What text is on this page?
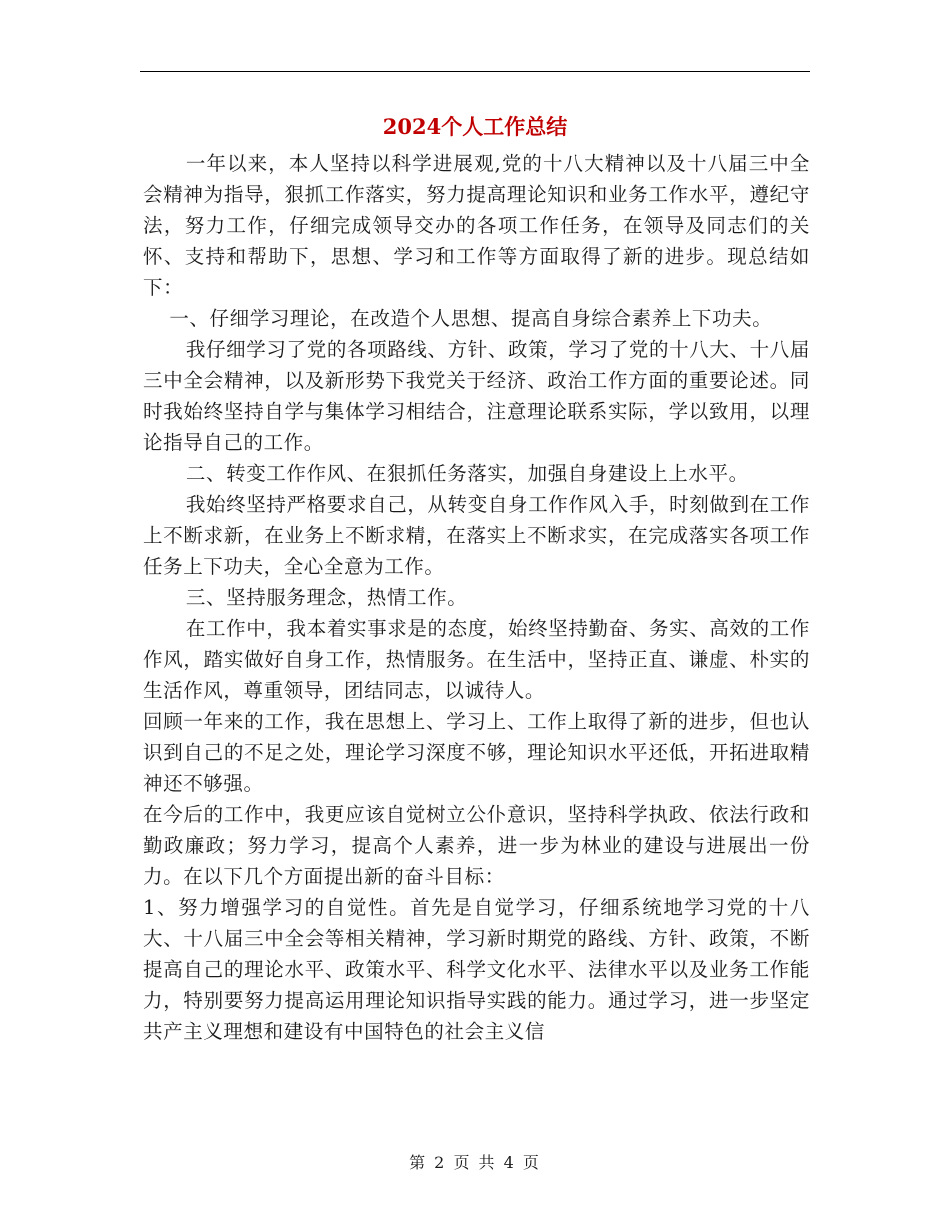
2024个人工作总结

一年以来，本人坚持以科学进展观,党的十八大精神以及十八届三中全会精神为指导，狠抓工作落实，努力提高理论知识和业务工作水平，遵纪守法，努力工作，仔细完成领导交办的各项工作任务，在领导及同志们的关怀、支持和帮助下，思想、学习和工作等方面取得了新的进步。现总结如下：

一、仔细学习理论，在改造个人思想、提高自身综合素养上下功夫。

我仔细学习了党的各项路线、方针、政策，学习了党的十八大、十八届三中全会精神，以及新形势下我党关于经济、政治工作方面的重要论述。同时我始终坚持自学与集体学习相结合，注意理论联系实际，学以致用，以理论指导自己的工作。

二、转变工作作风、在狠抓任务落实，加强自身建设上上水平。

我始终坚持严格要求自己，从转变自身工作作风入手，时刻做到在工作上不断求新，在业务上不断求精，在落实上不断求实，在完成落实各项工作任务上下功夫，全心全意为工作。

三、坚持服务理念，热情工作。

在工作中，我本着实事求是的态度，始终坚持勤奋、务实、高效的工作作风，踏实做好自身工作，热情服务。在生活中，坚持正直、谦虚、朴实的生活作风，尊重领导，团结同志，以诚待人。

回顾一年来的工作，我在思想上、学习上、工作上取得了新的进步，但也认识到自己的不足之处，理论学习深度不够，理论知识水平还低，开拓进取精神还不够强。

在今后的工作中，我更应该自觉树立公仆意识，坚持科学执政、依法行政和勤政廉政；努力学习，提高个人素养，进一步为林业的建设与进展出一份力。在以下几个方面提出新的奋斗目标：

1、努力增强学习的自觉性。首先是自觉学习，仔细系统地学习党的十八大、十八届三中全会等相关精神，学习新时期党的路线、方针、政策，不断提高自己的理论水平、政策水平、科学文化水平、法律水平以及业务工作能力，特别要努力提高运用理论知识指导实践的能力。通过学习，进一步坚定共产主义理想和建设有中国特色的社会主义信

第 2 页 共 4 页
